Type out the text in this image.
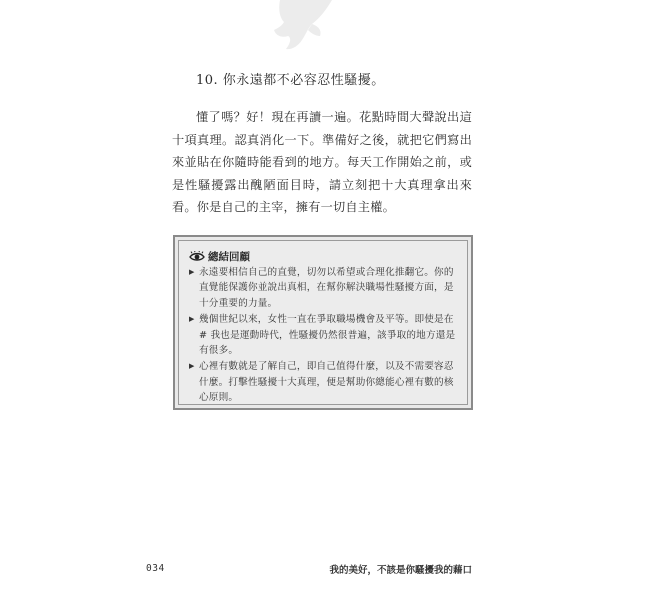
10. 你永遠都不必容忍性騷擾。
懂了嗎？好！現在再讀一遍。花點時間大聲說出這十項真理。認真消化一下。準備好之後，就把它們寫出來並貼在你隨時能看到的地方。每天工作開始之前，或是性騷擾露出醜陋面目時，請立刻把十大真理拿出來看。你是自己的主宰，擁有一切自主權。
總結回顧
▶ 永遠要相信自己的直覺，切勿以希望或合理化推翻它。你的直覺能保護你並說出真相，在幫你解決職場性騷擾方面，是十分重要的力量。
▶ 幾個世紀以來，女性一直在爭取職場機會及平等。即使是在 # 我也是運動時代，性騷擾仍然很普遍，該爭取的地方還是有很多。
▶ 心裡有數就是了解自己，即自己值得什麼，以及不需要容忍什麼。打擊性騷擾十大真理，便是幫助你總能心裡有數的核心原則。
034	我的美好，不該是你騷擾我的藉口
